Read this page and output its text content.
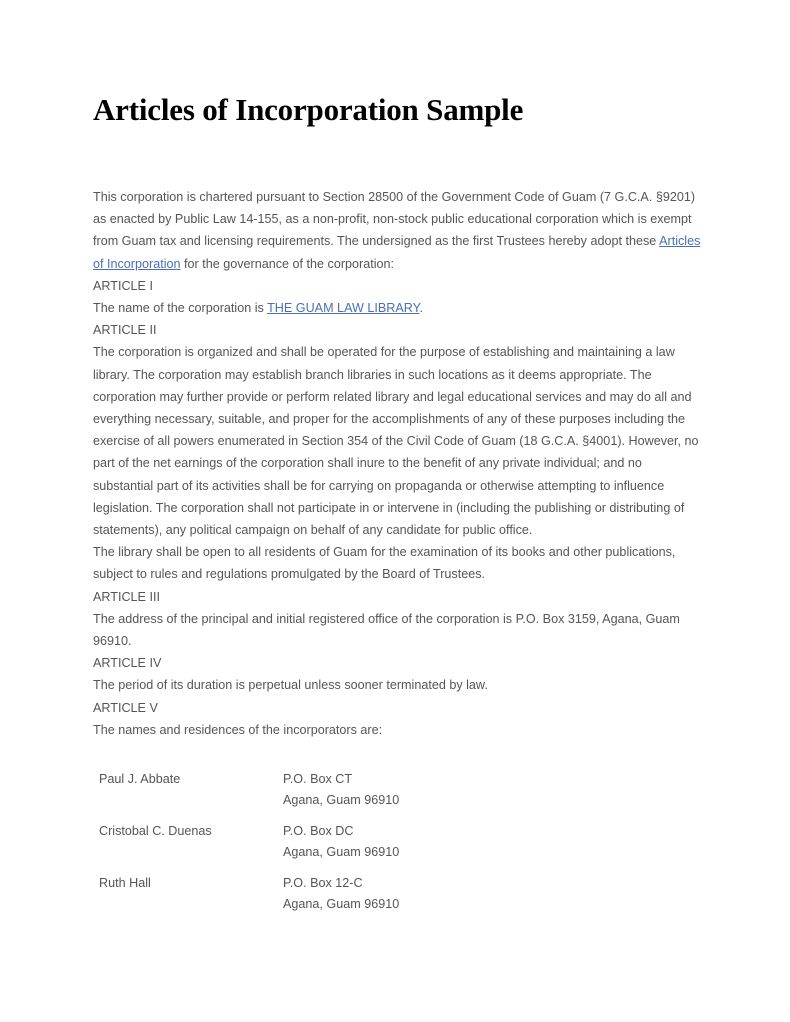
Articles of Incorporation Sample

This corporation is chartered pursuant to Section 28500 of the Government Code of Guam (7 G.C.A. §9201) as enacted by Public Law 14-155, as a non-profit, non-stock public educational corporation which is exempt from Guam tax and licensing requirements. The undersigned as the first Trustees hereby adopt these Articles of Incorporation for the governance of the corporation:

ARTICLE I

The name of the corporation is THE GUAM LAW LIBRARY.

ARTICLE II

The corporation is organized and shall be operated for the purpose of establishing and maintaining a law library. The corporation may establish branch libraries in such locations as it deems appropriate. The corporation may further provide or perform related library and legal educational services and may do all and everything necessary, suitable, and proper for the accomplishments of any of these purposes including the exercise of all powers enumerated in Section 354 of the Civil Code of Guam (18 G.C.A. §4001). However, no part of the net earnings of the corporation shall inure to the benefit of any private individual; and no substantial part of its activities shall be for carrying on propaganda or otherwise attempting to influence legislation. The corporation shall not participate in or intervene in (including the publishing or distributing of statements), any political campaign on behalf of any candidate for public office.

The library shall be open to all residents of Guam for the examination of its books and other publications, subject to rules and regulations promulgated by the Board of Trustees.

ARTICLE III

The address of the principal and initial registered office of the corporation is P.O. Box 3159, Agana, Guam 96910.

ARTICLE IV

The period of its duration is perpetual unless sooner terminated by law.

ARTICLE V

The names and residences of the incorporators are:

Paul J. Abbate	P.O. Box CT
Agana, Guam 96910
Cristobal C. Duenas	P.O. Box DC
Agana, Guam 96910
Ruth Hall	P.O. Box 12-C
Agana, Guam 96910
